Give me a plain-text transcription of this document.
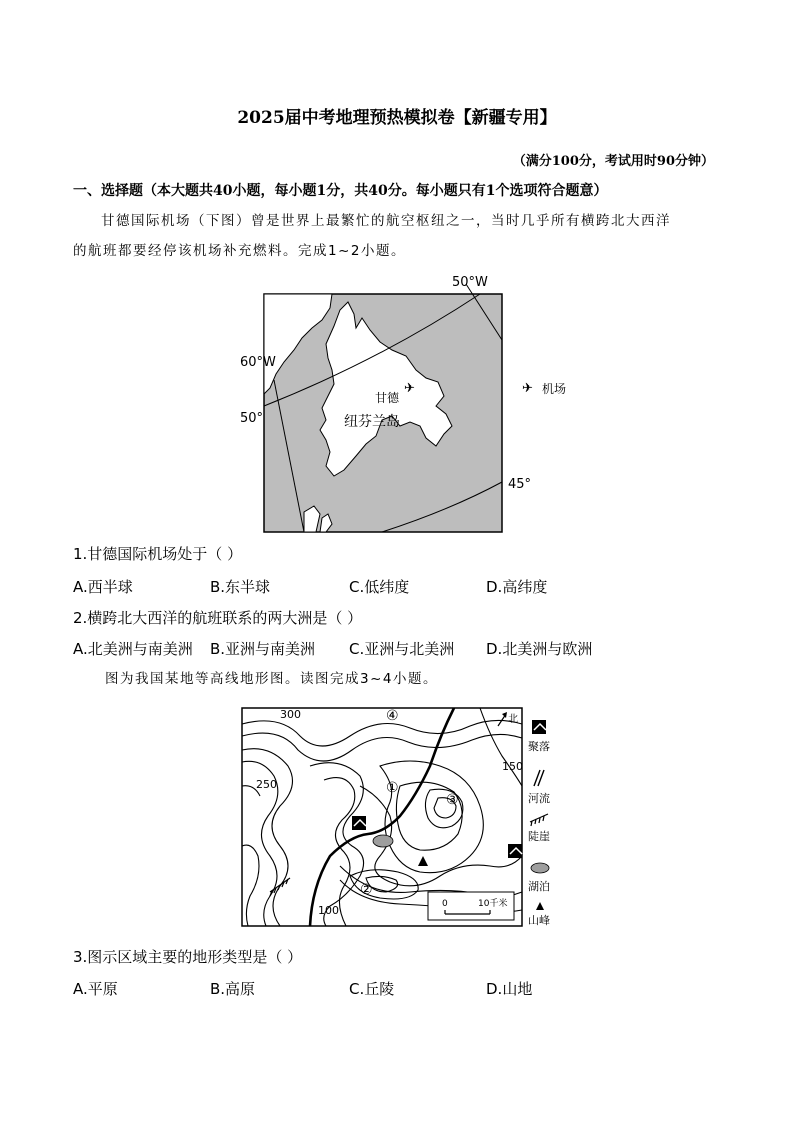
2025届中考地理预热模拟卷【新疆专用】
（满分100分，考试用时90分钟）
一、选择题（本大题共40小题，每小题1分，共40分。每小题只有1个选项符合题意）
甘德国际机场（下图）曾是世界上最繁忙的航空枢纽之一，当时几乎所有横跨北大西洋
的航班都要经停该机场补充燃料。完成1~2小题。
50°W
60°W
50°
45°
甘德
✈
纽芬兰岛
✈ 机场
1.甘德国际机场处于（ ）
A.西半球	B.东半球	C.低纬度	D.高纬度
2.横跨北大西洋的航班联系的两大洲是（ ）
A.北美洲与南美洲 B.亚洲与南美洲 C.亚洲与北美洲 D.北美洲与欧洲
图为我国某地等高线地形图。读图完成3~4小题。
300
250
150
100
④
①
③
②
北
0	10千米
聚落
河流
陡崖
湖泊
山峰
3.图示区域主要的地形类型是（ ）
A.平原	B.高原	C.丘陵	D.山地
